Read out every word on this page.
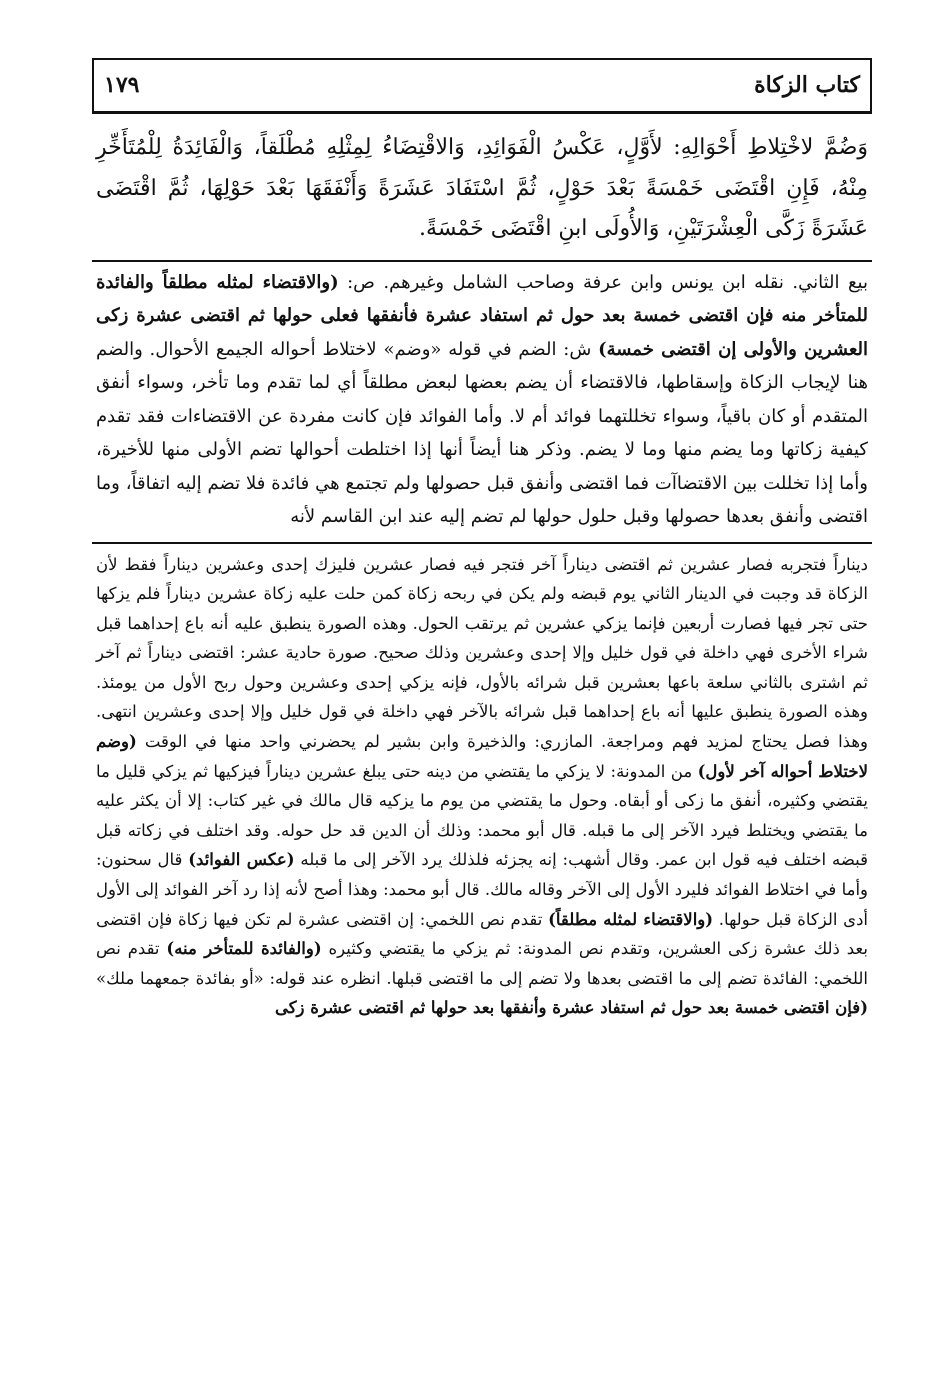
كتاب الزكاة
١٧٩
وَضُمَّ لاخْتِلاطِ أَحْوَالِهِ: لأَوَّلٍ، عَكْسُ الْفَوَائِدِ، وَالاقْتِضَاءُ لِمِثْلِهِ مُطْلَقاً، وَالْفَائِدَةُ لِلْمُتَأَخِّرِ مِنْهُ، فَإِنِ اقْتَضَى خَمْسَةً بَعْدَ حَوْلٍ، ثُمَّ اسْتَفَادَ عَشَرَةً وَأَنْفَقَهَا بَعْدَ حَوْلِهَا، ثُمَّ اقْتَضَى عَشَرَةً زَكَّى الْعِشْرَتَيْنِ، وَالأُولَى ابنِ اقْتَضَى خَمْسَةً.
بيع الثاني. نقله ابن يونس وابن عرفة وصاحب الشامل وغيرهم. ص: (والاقتضاء لمثله مطلقاً والفائدة للمتأخر منه فإن اقتضى خمسة بعد حول ثم استفاد عشرة فأنفقها فعلى حولها ثم اقتضى عشرة زكى العشرين والأولى إن اقتضى خمسة) ش: الضم في قوله «وضم» لاختلاط أحواله الجيمع الأحوال. والضم هنا لإيجاب الزكاة وإسقاطها، فالاقتضاء أن يضم بعضها لبعض مطلقاً أي لما تقدم وما تأخر، وسواء أنفق المتقدم أو كان باقياً، وسواء تخللتهما فوائد أم لا. وأما الفوائد فإن كانت مفردة عن الاقتضاءات فقد تقدم كيفية زكاتها وما يضم منها وما لا يضم. وذكر هنا أيضاً أنها إذا اختلطت أحوالها تضم الأولى منها للأخيرة، وأما إذا تخللت بين الاقتضاآت فما اقتضى وأنفق قبل حصولها ولم تجتمع هي فائدة فلا تضم إليه اتفاقاً، وما اقتضى وأنفق بعدها حصولها وقبل حلول حولها لم تضم إليه عند ابن القاسم لأنه
ديناراً فتجربه فصار عشرين ثم اقتضى ديناراً آخر فتجر فيه فصار عشرين فليزك إحدى وعشرين ديناراً فقط لأن الزكاة قد وجبت في الدينار الثاني يوم قبضه ولم يكن في ربحه زكاة كمن حلت عليه زكاة عشرين ديناراً فلم يزكها حتى تجر فيها فصارت أربعين فإنما يزكي عشرين ثم يرتقب الحول. وهذه الصورة ينطبق عليه أنه باع إحداهما قبل شراء الأخرى فهي داخلة في قول خليل وإلا إحدى وعشرين وذلك صحيح. صورة حادية عشر: اقتضى ديناراً ثم آخر ثم اشترى بالثاني سلعة باعها بعشرين قبل شرائه بالأول، فإنه يزكي إحدى وعشرين وحول ربح الأول من يومئذ. وهذه الصورة ينطبق عليها أنه باع إحداهما قبل شرائه بالآخر فهي داخلة في قول خليل وإلا إحدى وعشرين انتهى. وهذا فصل يحتاج لمزيد فهم ومراجعة. المازري: والذخيرة وابن بشير لم يحضرني واحد منها في الوقت (وضم لاختلاط أحواله آخر لأول) من المدونة: لا يزكي ما يقتضي من دينه حتى يبلغ عشرين ديناراً فيزكيها ثم يزكي قليل ما يقتضي وكثيره، أنفق ما زكى أو أبقاه. وحول ما يقتضي من يوم ما يزكيه قال مالك في غير كتاب: إلا أن يكثر عليه ما يقتضي ويختلط فيرد الآخر إلى ما قبله. قال أبو محمد: وذلك أن الدين قد حل حوله. وقد اختلف في زكاته قبل قبضه اختلف فيه قول ابن عمر. وقال أشهب: إنه يجزئه فلذلك يرد الآخر إلى ما قبله (عكس الفوائد) قال سحنون: وأما في اختلاط الفوائد فليرد الأول إلى الآخر وقاله مالك. قال أبو محمد: وهذا أصح لأنه إذا رد آخر الفوائد إلى الأول أدى الزكاة قبل حولها. (والاقتضاء لمثله مطلقاً) تقدم نص اللخمي: إن اقتضى عشرة لم تكن فيها زكاة فإن اقتضى بعد ذلك عشرة زكى العشرين، وتقدم نص المدونة: ثم يزكي ما يقتضي وكثيره (والفائدة للمتأخر منه) تقدم نص اللخمي: الفائدة تضم إلى ما اقتضى بعدها ولا تضم إلى ما اقتضى قبلها. انظره عند قوله: «أو بفائدة جمعهما ملك» (فإن اقتضى خمسة بعد حول ثم استفاد عشرة وأنفقها بعد حولها ثم اقتضى عشرة زكى
